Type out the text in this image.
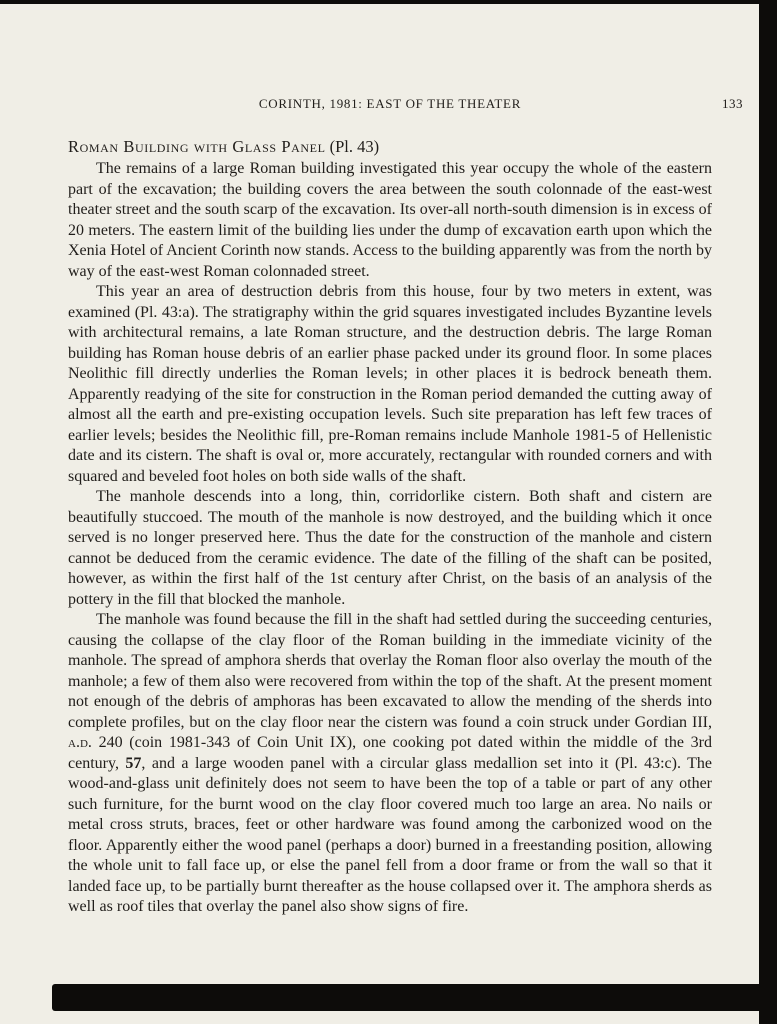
CORINTH, 1981: EAST OF THE THEATER	133
Roman Building with Glass Panel (Pl. 43)

The remains of a large Roman building investigated this year occupy the whole of the eastern part of the excavation; the building covers the area between the south colonnade of the east-west theater street and the south scarp of the excavation. Its over-all north-south dimension is in excess of 20 meters. The eastern limit of the building lies under the dump of excavation earth upon which the Xenia Hotel of Ancient Corinth now stands. Access to the building apparently was from the north by way of the east-west Roman colonnaded street.

This year an area of destruction debris from this house, four by two meters in extent, was examined (Pl. 43:a). The stratigraphy within the grid squares investigated includes Byzantine levels with architectural remains, a late Roman structure, and the destruction debris. The large Roman building has Roman house debris of an earlier phase packed under its ground floor. In some places Neolithic fill directly underlies the Roman levels; in other places it is bedrock beneath them. Apparently readying of the site for construction in the Roman period demanded the cutting away of almost all the earth and pre-existing occupation levels. Such site preparation has left few traces of earlier levels; besides the Neolithic fill, pre-Roman remains include Manhole 1981-5 of Hellenistic date and its cistern. The shaft is oval or, more accurately, rectangular with rounded corners and with squared and beveled foot holes on both side walls of the shaft.

The manhole descends into a long, thin, corridorlike cistern. Both shaft and cistern are beautifully stuccoed. The mouth of the manhole is now destroyed, and the building which it once served is no longer preserved here. Thus the date for the construction of the manhole and cistern cannot be deduced from the ceramic evidence. The date of the filling of the shaft can be posited, however, as within the first half of the 1st century after Christ, on the basis of an analysis of the pottery in the fill that blocked the manhole.

The manhole was found because the fill in the shaft had settled during the succeeding centuries, causing the collapse of the clay floor of the Roman building in the immediate vicinity of the manhole. The spread of amphora sherds that overlay the Roman floor also overlay the mouth of the manhole; a few of them also were recovered from within the top of the shaft. At the present moment not enough of the debris of amphoras has been excavated to allow the mending of the sherds into complete profiles, but on the clay floor near the cistern was found a coin struck under Gordian III, a.d. 240 (coin 1981-343 of Coin Unit IX), one cooking pot dated within the middle of the 3rd century, 57, and a large wooden panel with a circular glass medallion set into it (Pl. 43:c). The wood-and-glass unit definitely does not seem to have been the top of a table or part of any other such furniture, for the burnt wood on the clay floor covered much too large an area. No nails or metal cross struts, braces, feet or other hardware was found among the carbonized wood on the floor. Apparently either the wood panel (perhaps a door) burned in a freestanding position, allowing the whole unit to fall face up, or else the panel fell from a door frame or from the wall so that it landed face up, to be partially burnt thereafter as the house collapsed over it. The amphora sherds as well as roof tiles that overlay the panel also show signs of fire.
